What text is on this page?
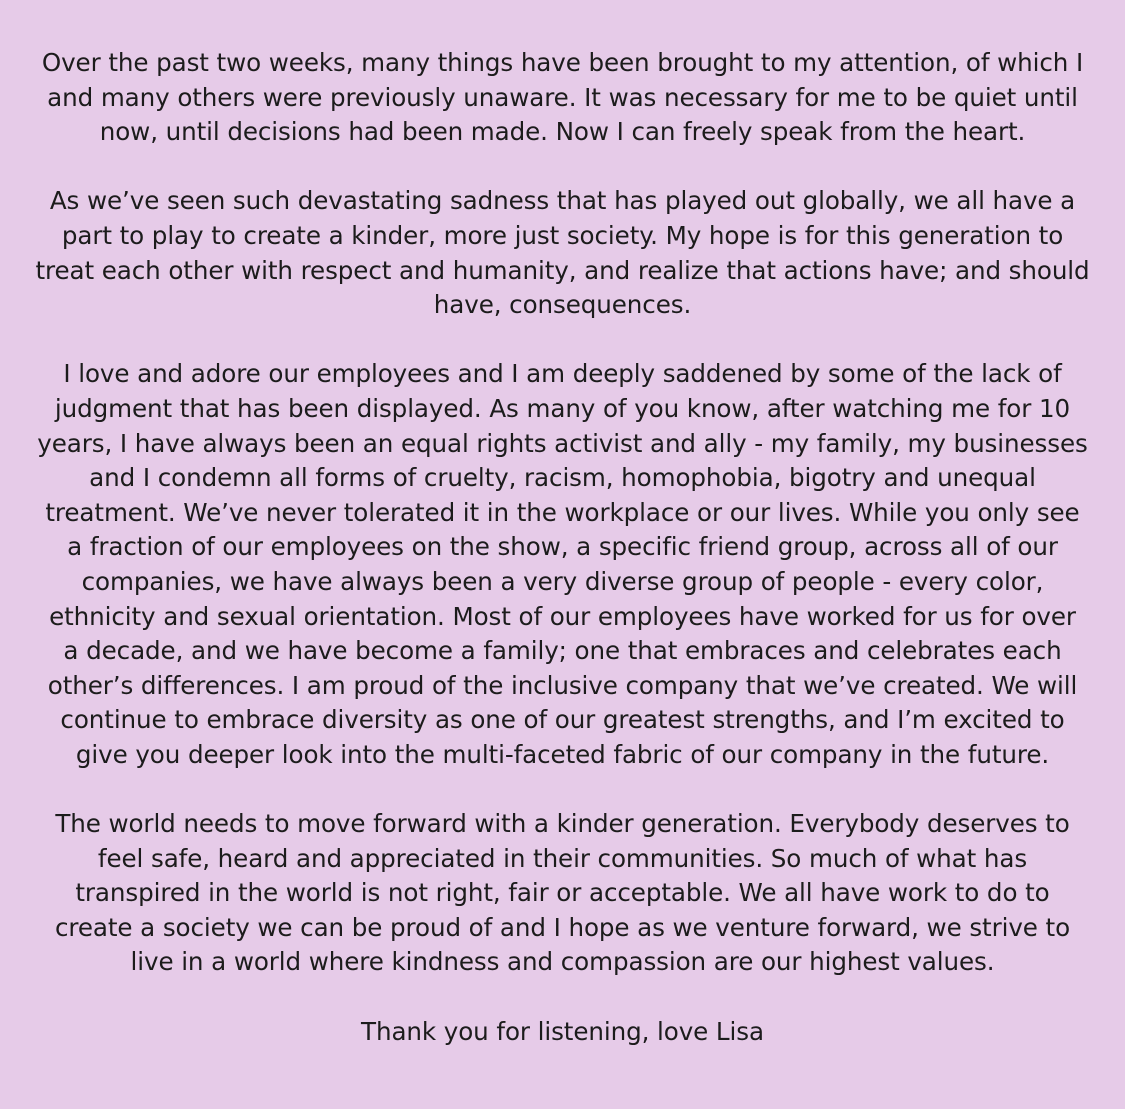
Over the past two weeks, many things have been brought to my attention, of which I
and many others were previously unaware. It was necessary for me to be quiet until
now, until decisions had been made. Now I can freely speak from the heart.
As we’ve seen such devastating sadness that has played out globally, we all have a
part to play to create a kinder, more just society. My hope is for this generation to
treat each other with respect and humanity, and realize that actions have; and should
have, consequences.
I love and adore our employees and I am deeply saddened by some of the lack of
judgment that has been displayed. As many of you know, after watching me for 10
years, I have always been an equal rights activist and ally - my family, my businesses
and I condemn all forms of cruelty, racism, homophobia, bigotry and unequal
treatment. We’ve never tolerated it in the workplace or our lives. While you only see
a fraction of our employees on the show, a specific friend group, across all of our
companies, we have always been a very diverse group of people - every color,
ethnicity and sexual orientation. Most of our employees have worked for us for over
a decade, and we have become a family; one that embraces and celebrates each
other’s differences. I am proud of the inclusive company that we’ve created. We will
continue to embrace diversity as one of our greatest strengths, and I’m excited to
give you deeper look into the multi-faceted fabric of our company in the future.
The world needs to move forward with a kinder generation. Everybody deserves to
feel safe, heard and appreciated in their communities. So much of what has
transpired in the world is not right, fair or acceptable. We all have work to do to
create a society we can be proud of and I hope as we venture forward, we strive to
live in a world where kindness and compassion are our highest values.
Thank you for listening, love Lisa
